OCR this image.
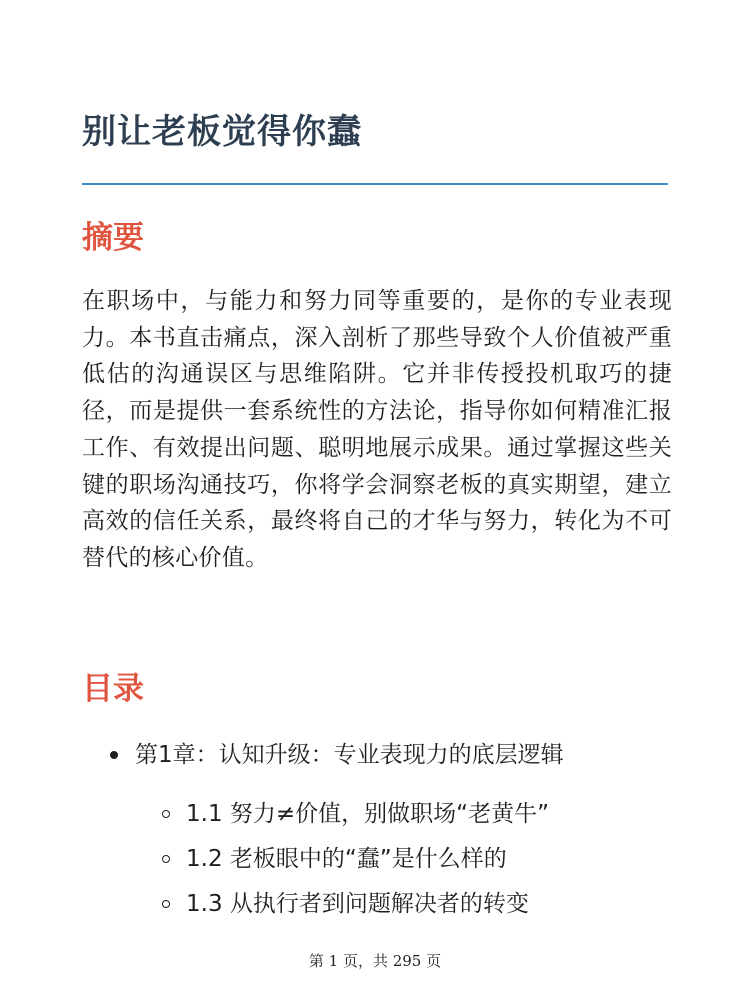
别让老板觉得你蠢
摘要

在职场中，与能力和努力同等重要的，是你的专业表现力。本书直击痛点，深入剖析了那些导致个人价值被严重低估的沟通误区与思维陷阱。它并非传授投机取巧的捷径，而是提供一套系统性的方法论，指导你如何精准汇报工作、有效提出问题、聪明地展示成果。通过掌握这些关键的职场沟通技巧，你将学会洞察老板的真实期望，建立高效的信任关系，最终将自己的才华与努力，转化为不可替代的核心价值。

目录
第1章：认知升级：专业表现力的底层逻辑
1.1 努力≠价值，别做职场“老黄牛”
1.2 老板眼中的“蠢”是什么样的
1.3 从执行者到问题解决者的转变
第 1 页，共 295 页
